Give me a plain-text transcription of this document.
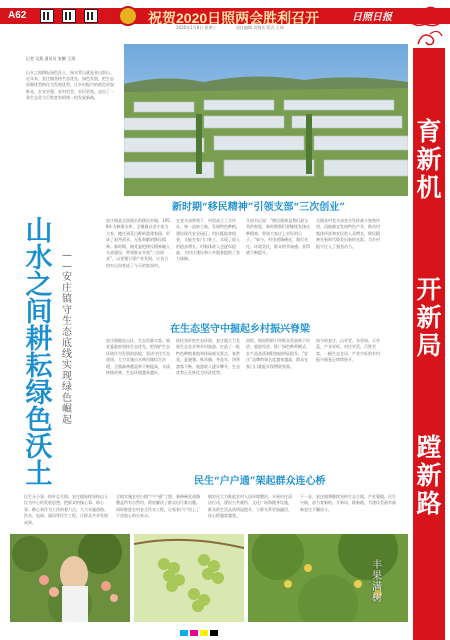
A62	祝贺2020日照两会胜利召开	日照日报
2020年1月8日 星期三	责任编辑 吴晓东 版式 王林
育
新
机
开
新
局
蹚
新
路
记者 吴燕 通讯员 张鹏 王翔
山水之间耕耘绿色沃土，绿水青山就是金山银山。近年来，安庄镇坚持生态优先、绿色发展，把生态资源优势转化为发展优势，让乡村振兴的底色更加鲜亮，农业更强、农村更美、农民更富，走出了一条生态美与百姓富有机统一的发展新路。
山
水
之
间
耕
耘
绿
色
沃
土
—
—
安
庄
镇
守
生
态
底
线
实
现
绿
色
崛
起
新时期“移民精神”引领支部“三次创业”
安庄镇是全国闻名的移民乡镇，1958年为修建水库，全镇群众舍小家为大家，搬迁到荒山野岭重建家园，形成了艰苦创业、无私奉献的移民精神。新时期，镇党委把移民精神融入支部建设，带领群众开展“三次创业”，以党建引领产业发展，让昔日的穷山沟变成了今天的富裕村。
在党支部带领下，村里成立了合作社，统一流转土地，发展特色种植，建设现代农业园区。村民既能拿租金，又能在家门口务工，实现了收入的稳步增长。村集体收入也逐年提高，为村庄建设和公共服务提供了有力保障。
支部书记说：“移民精神是我们最宝贵的财富，新时期我们要继续发扬这种精神，带领大家过上更好的日子。”如今，村里道路硬化、路灯亮化、环境美化，群众的幸福感、获得感不断提升。
全镇各村党支部充分发挥战斗堡垒作用，因地制宜发展特色产业，推动村集体经济和农民收入双增长，移民精神在新时代焕发出新的光彩，为乡村振兴注入了强劲动力。
在生态坚守中掘起乡村振兴脊梁
安庄镇地处山区，生态资源丰富。镇党委政府坚持生态优先，把保护生态环境作为发展的前提，坚决守住生态底线，大力实施山水林田湖综合治理，全镇森林覆盖率不断提高，水质持续改善，生态环境越来越好。
依托良好的生态环境，安庄镇大力发展生态农业和乡村旅游，打造了一批特色种植基地和休闲观光景点。春赏花、夏避暑、秋采摘、冬品年，四季游客不断，旅游收入逐年攀升，生态优势正在转化为经济优势。
同时，镇里积极引导群众发展林下经济、庭院经济，推广绿色种养模式，农产品品质和附加值明显提升，“安庄”品牌的知名度越来越高，群众在家门口就能实现增收致富。
如今的安庄，山更青、水更绿、天更蓝，产业更旺、村庄更美、百姓更富，一幅生态宜居、产业兴旺的乡村振兴画卷正徐徐展开。
民生“户户通”架起群众连心桥
民生无小事，枝叶总关情。安庄镇始终坚持以人民为中心的发展思想，把群众的操心事、烦心事、揪心事作为工作的着力点，大力实施道路、饮水、电网、通讯等民生工程，让群众共享发展成果。
全镇实施农村公路“户户通”工程，新修硬化道路覆盖所有自然村，彻底解决了群众出行难问题。同时推进农村安全饮水工程，让家家户户用上了干净放心的自来水。
镇里还大力推进农村人居环境整治，开展村庄清洁行动，建设公共厕所、文化广场和健身设施，群众的生活品质明显提升，干群关系更加融洽，连心桥越架越宽。
下一步，安庄镇将继续坚持生态立镇、产业强镇、民生兴镇，奋力育新机、开新局、蹚新路，为建设美丽幸福新安庄不懈奋斗。
丰
果
满
树
